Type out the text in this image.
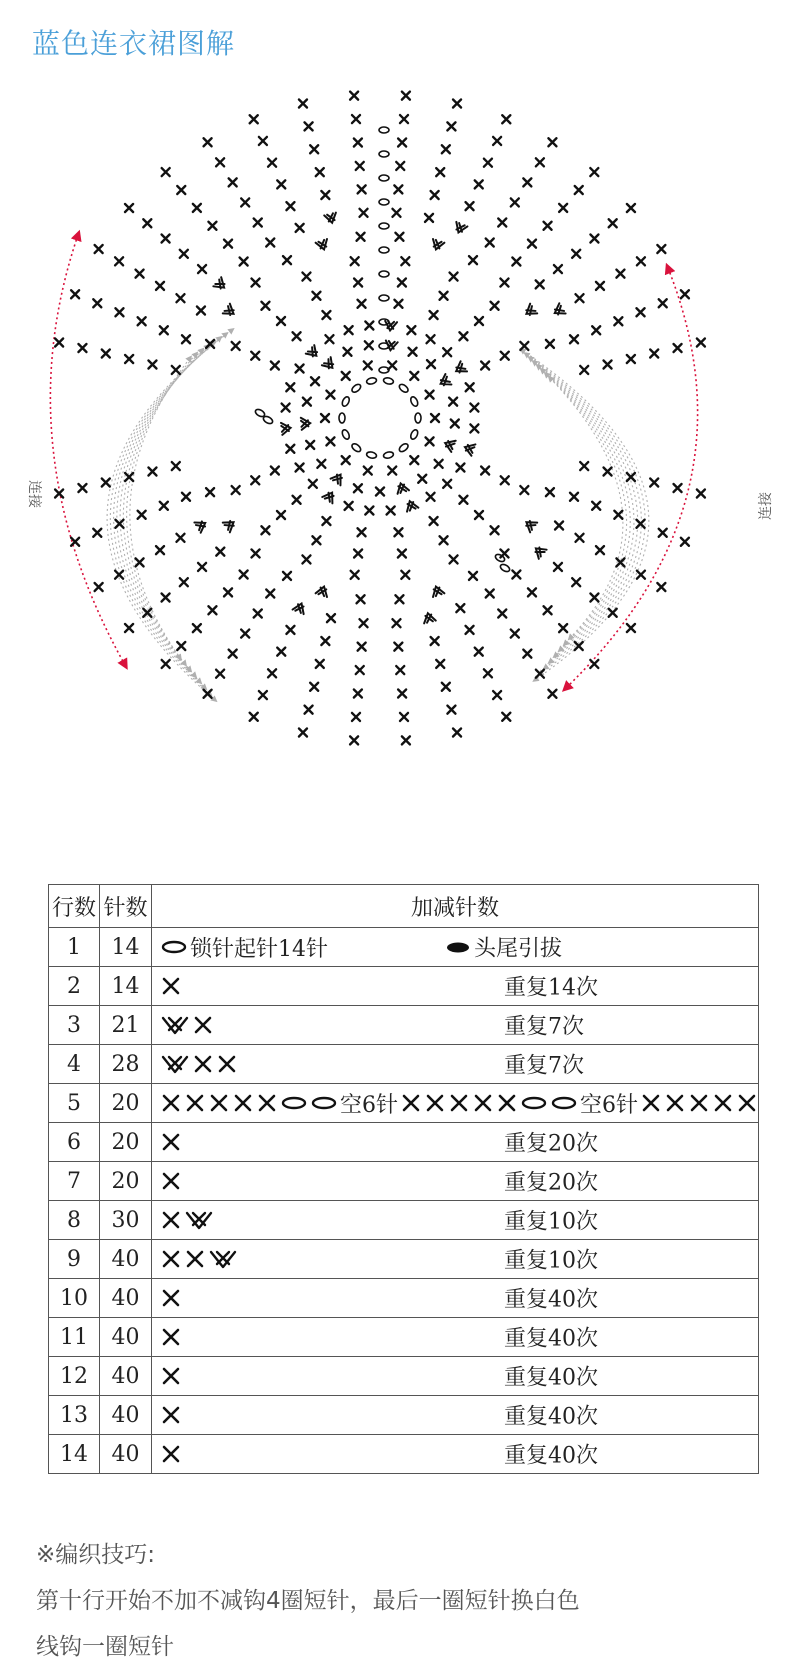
蓝色连衣裙图解
连接	连接
行数	针数	加减针数
1	14	锁针起针14针 头尾引拔

2	14	重复14次

3	21	重复7次

4	28	重复7次

5	20	空6针 空6针

6	20	重复20次

7	20	重复20次

8	30	重复10次

9	40	重复10次

10	40	重复40次

11	40	重复40次

12	40	重复40次

13	40	重复40次

14	40	重复40次
※编织技巧:
第十行开始不加不减钩4圈短针，最后一圈短针换白色
线钩一圈短针
